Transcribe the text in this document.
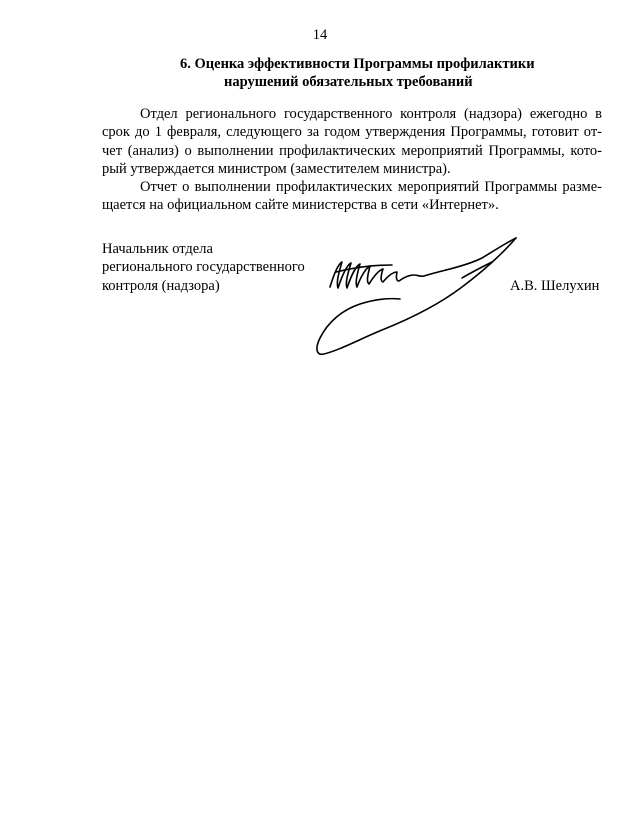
14
6. Оценка эффективности Программы профилактики
нарушений обязательных требований

Отдел регионального государственного контроля (надзора) ежегодно в
срок до 1 февраля, следующего за годом утверждения Программы, готовит от-
чет (анализ) о выполнении профилактических мероприятий Программы, кото-
рый утверждается министром (заместителем министра).

Отчет о выполнении профилактических мероприятий Программы разме-
щается на официальном сайте министерства в сети «Интернет».

Начальник отдела
регионального государственного
контроля (надзора)	А.В. Шелухин
